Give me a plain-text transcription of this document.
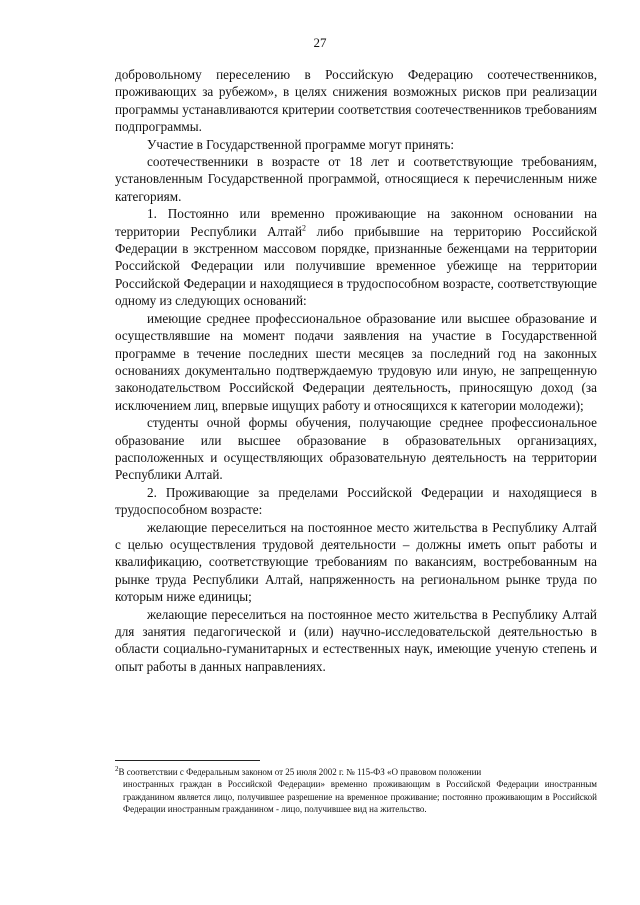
27

добровольному переселению в Российскую Федерацию соотечественников, проживающих за рубежом», в целях снижения возможных рисков при реализации программы устанавливаются критерии соответствия соотечественников требованиям подпрограммы.

Участие в Государственной программе могут принять:

соотечественники в возрасте от 18 лет и соответствующие требованиям, установленным Государственной программой, относящиеся к перечисленным ниже категориям.

1. Постоянно или временно проживающие на законном основании на территории Республики Алтай$^2$ либо прибывшие на территорию Российской Федерации в экстренном массовом порядке, признанные беженцами на территории Российской Федерации или получившие временное убежище на территории Российской Федерации и находящиеся в трудоспособном возрасте, соответствующие одному из следующих оснований:

имеющие среднее профессиональное образование или высшее образование и осуществлявшие на момент подачи заявления на участие в Государственной программе в течение последних шести месяцев за последний год на законных основаниях документально подтверждаемую трудовую или иную, не запрещенную законодательством Российской Федерации деятельность, приносящую доход (за исключением лиц, впервые ищущих работу и относящихся к категории молодежи);

студенты очной формы обучения, получающие среднее профессиональное образование или высшее образование в образовательных организациях, расположенных и осуществляющих образовательную деятельность на территории Республики Алтай.

2. Проживающие за пределами Российской Федерации и находящиеся в трудоспособном возрасте:

желающие переселиться на постоянное место жительства в Республику Алтай с целью осуществления трудовой деятельности – должны иметь опыт работы и квалификацию, соответствующие требованиям по вакансиям, востребованным на рынке труда Республики Алтай, напряженность на региональном рынке труда по которым ниже единицы;

желающие переселиться на постоянное место жительства в Республику Алтай для занятия педагогической и (или) научно-исследовательской деятельностью в области социально-гуманитарных и естественных наук, имеющие ученую степень и опыт работы в данных направлениях.

$^2$В соответствии с Федеральным законом от 25 июля 2002 г. № 115-ФЗ «О правовом положении
иностранных граждан в Российской Федерации» временно проживающим в Российской Федерации иностранным гражданином является лицо, получившее разрешение на временное проживание; постоянно проживающим в Российской Федерации иностранным гражданином - лицо, получившее вид на жительство.
